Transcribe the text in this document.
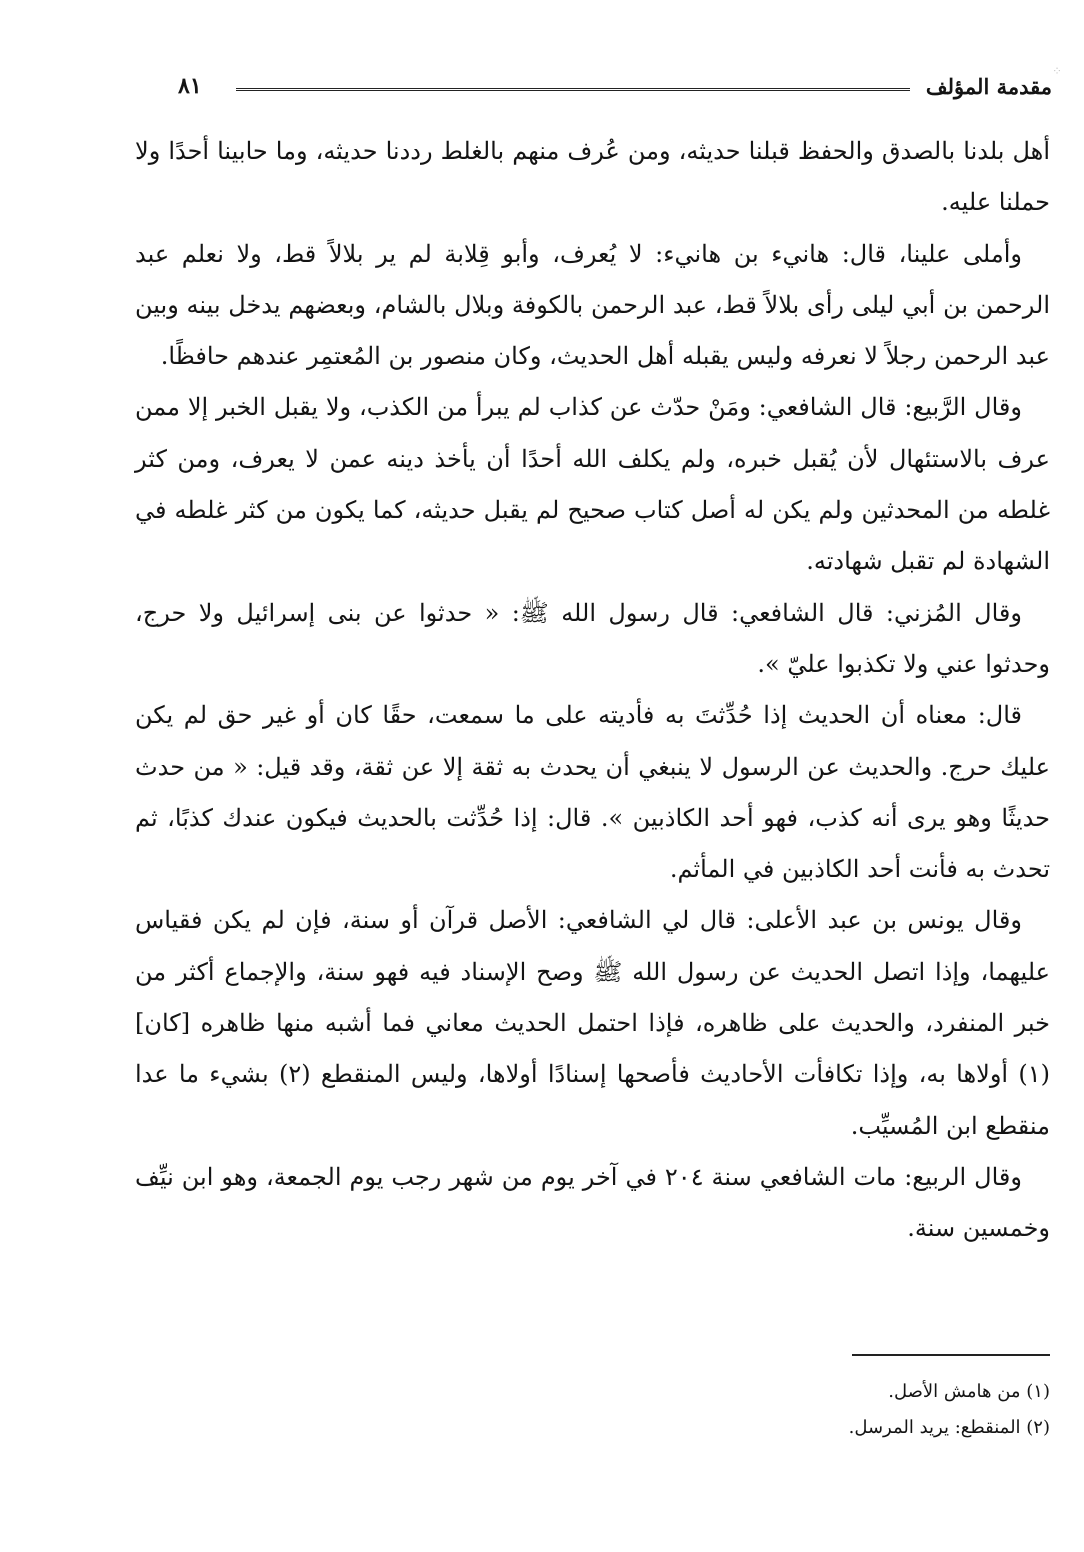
⁘
مقدمة المؤلف
٨١

أهل بلدنا بالصدق والحفظ قبلنا حديثه، ومن عُرف منهم بالغلط رددنا حديثه، وما حابينا أحدًا ولا حملنا عليه.

وأملى علينا، قال: هانيء بن هانيء: لا يُعرف، وأبو قِلابة لم ير بلالاً قط، ولا نعلم عبد الرحمن بن أبي ليلى رأى بلالاً قط، عبد الرحمن بالكوفة وبلال بالشام، وبعضهم يدخل بينه وبين عبد الرحمن رجلاً لا نعرفه وليس يقبله أهل الحديث، وكان منصور بن المُعتمِر عندهم حافظًا.

وقال الرَّبيع: قال الشافعي: ومَنْ حدّث عن كذاب لم يبرأ من الكذب، ولا يقبل الخبر إلا ممن عرف بالاستئهال لأن يُقبل خبره، ولم يكلف الله أحدًا أن يأخذ دينه عمن لا يعرف، ومن كثر غلطه من المحدثين ولم يكن له أصل كتاب صحيح لم يقبل حديثه، كما يكون من كثر غلطه في الشهادة لم تقبل شهادته.

وقال المُزني: قال الشافعي: قال رسول الله ﷺ: « حدثوا عن بنى إسرائيل ولا حرج، وحدثوا عني ولا تكذبوا عليّ ».

قال: معناه أن الحديث إذا حُدِّثتَ به فأديته على ما سمعت، حقًا كان أو غير حق لم يكن عليك حرج. والحديث عن الرسول لا ينبغي أن يحدث به ثقة إلا عن ثقة، وقد قيل: « من حدث حديثًا وهو يرى أنه كذب، فهو أحد الكاذبين ». قال: إذا حُدِّثت بالحديث فيكون عندك كذبًا، ثم تحدث به فأنت أحد الكاذبين في المأثم.

وقال يونس بن عبد الأعلى: قال لي الشافعي: الأصل قرآن أو سنة، فإن لم يكن فقياس عليهما، وإذا اتصل الحديث عن رسول الله ﷺ وصح الإسناد فيه فهو سنة، والإجماع أكثر من خبر المنفرد، والحديث على ظاهره، فإذا احتمل الحديث معاني فما أشبه منها ظاهره [كان] (١) أولاها به، وإذا تكافأت الأحاديث فأصحها إسنادًا أولاها، وليس المنقطع (٢) بشيء ما عدا منقطع ابن المُسيِّب.

وقال الربيع: مات الشافعي سنة ٢٠٤ في آخر يوم من شهر رجب يوم الجمعة، وهو ابن نيِّف وخمسين سنة.

(١) من هامش الأصل.

(٢) المنقطع: يريد المرسل.
